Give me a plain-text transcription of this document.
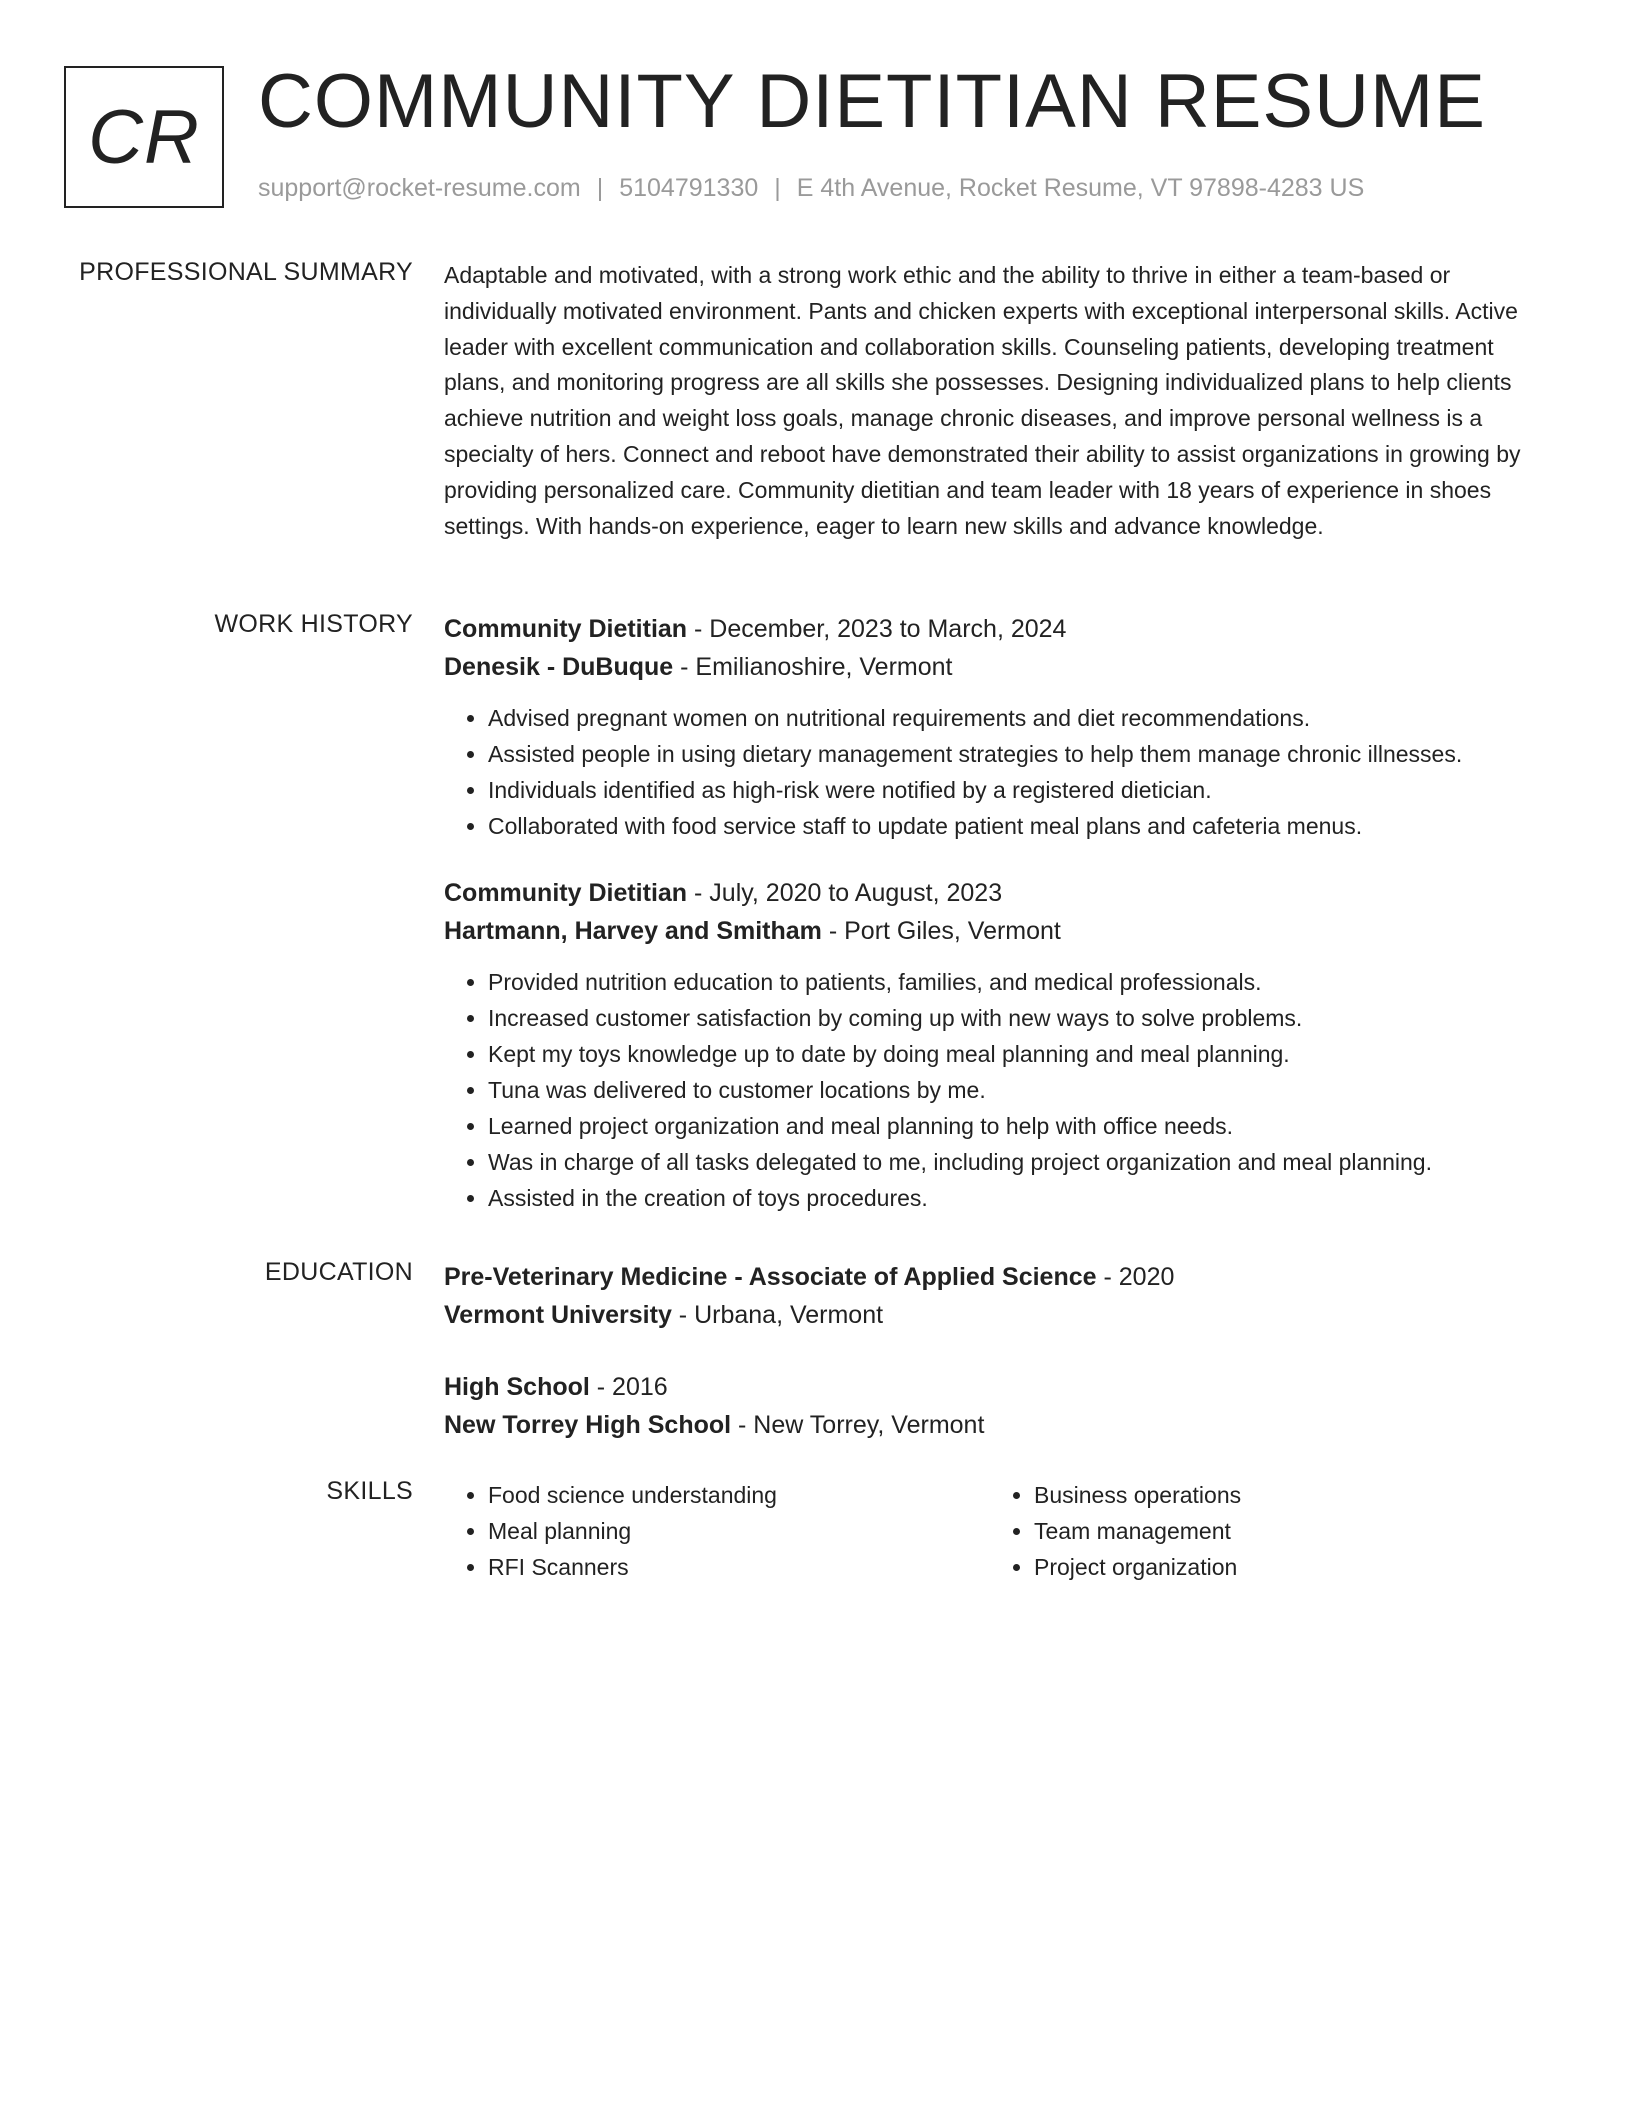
CR COMMUNITY DIETITIAN RESUME
support@rocket-resume.com | 5104791330 | E 4th Avenue, Rocket Resume, VT 97898-4283 US
PROFESSIONAL SUMMARY Adaptable and motivated, with a strong work ethic and the ability to thrive in either a team-based or individually motivated environment. Pants and chicken experts with exceptional interpersonal skills. Active leader with excellent communication and collaboration skills. Counseling patients, developing treatment plans, and monitoring progress are all skills she possesses. Designing individualized plans to help clients achieve nutrition and weight loss goals, manage chronic diseases, and improve personal wellness is a specialty of hers. Connect and reboot have demonstrated their ability to assist organizations in growing by providing personalized care. Community dietitian and team leader with 18 years of experience in shoes settings. With hands-on experience, eager to learn new skills and advance knowledge.

WORK HISTORY Community Dietitian - December, 2023 to March, 2024
Denesik - DuBuque - Emilianoshire, Vermont
• Advised pregnant women on nutritional requirements and diet recommendations.
• Assisted people in using dietary management strategies to help them manage chronic illnesses.
• Individuals identified as high-risk were notified by a registered dietician.
• Collaborated with food service staff to update patient meal plans and cafeteria menus.
Community Dietitian - July, 2020 to August, 2023
Hartmann, Harvey and Smitham - Port Giles, Vermont
• Provided nutrition education to patients, families, and medical professionals.
• Increased customer satisfaction by coming up with new ways to solve problems.
• Kept my toys knowledge up to date by doing meal planning and meal planning.
• Tuna was delivered to customer locations by me.
• Learned project organization and meal planning to help with office needs.
• Was in charge of all tasks delegated to me, including project organization and meal planning.
• Assisted in the creation of toys procedures.
EDUCATION Pre-Veterinary Medicine - Associate of Applied Science - 2020
Vermont University - Urbana, Vermont
High School - 2016
New Torrey High School - New Torrey, Vermont
SKILLS
•	Food science understanding
• Meal planning
• RFI Scanners
• Business operations
• Team management
• Project organization
